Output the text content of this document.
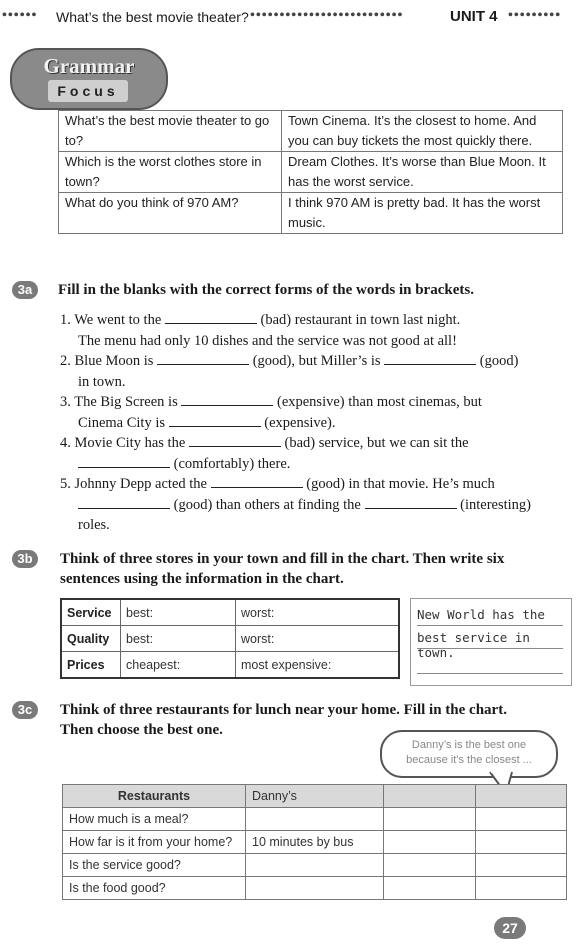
•••••• What’s the best movie theater? ••••••••••••••••••••••••••	UNIT 4 •••••••••
Grammar
Focus
What’s the best movie theater to go to?	Town Cinema. It’s the closest to home. And you can buy tickets the most quickly there.
Which is the worst clothes store in town?	Dream Clothes. It’s worse than Blue Moon. It has the worst service.
What do you think of 970 AM?	I think 970 AM is pretty bad. It has the worst music.
3a	Fill in the blanks with the correct forms of the words in brackets.
1. We went to the	(bad) restaurant in town last night.
The menu had only 10 dishes and the service was not good at all!
2. Blue Moon is	(good), but Miller’s is	(good)
in town.
3. The Big Screen is	(expensive) than most cinemas, but
Cinema City is	(expensive).
4. Movie City has the	(bad) service, but we can sit the
(comfortably) there.
5. Johnny Depp acted the	(good) in that movie. He’s much
(good) than others at finding the	(interesting)
roles.
3b	Think of three stores in your town and fill in the chart. Then write six
sentences using the information in the chart.
Service	best:	worst:
Quality	best:	worst:
Prices	cheapest:	most expensive:
New World has the
best service in town.
3c	Think of three restaurants for lunch near your home. Fill in the chart.
Then choose the best one.
Danny’s is the best one
because it’s the closest ...
Restaurants	Danny’s		
How much is a meal?			
How far is it from your home?	10 minutes by bus		
Is the service good?			
Is the food good?			
27
